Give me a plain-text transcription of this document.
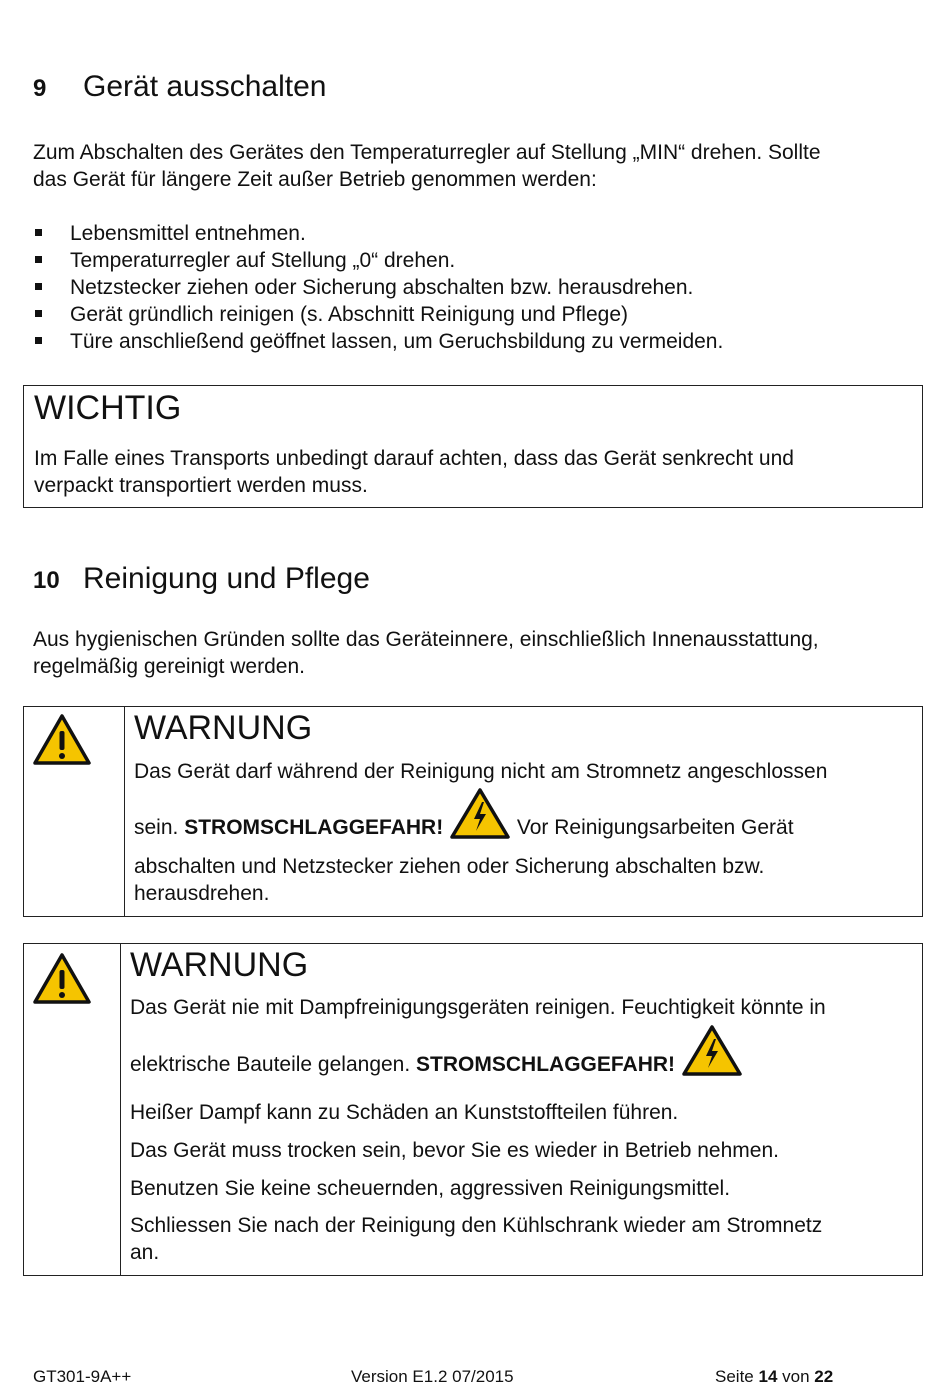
9 Gerät ausschalten
Zum Abschalten des Gerätes den Temperaturregler auf Stellung „MIN“ drehen. Sollte
das Gerät für längere Zeit außer Betrieb genommen werden:
Lebensmittel entnehmen.
Temperaturregler auf Stellung „0“ drehen.
Netzstecker ziehen oder Sicherung abschalten bzw. herausdrehen.
Gerät gründlich reinigen (s. Abschnitt Reinigung und Pflege)
Türe anschließend geöffnet lassen, um Geruchsbildung zu vermeiden.
WICHTIG
Im Falle eines Transports unbedingt darauf achten, dass das Gerät senkrecht und
verpackt transportiert werden muss.
10 Reinigung und Pflege
Aus hygienischen Gründen sollte das Geräteinnere, einschließlich Innenausstattung,
regelmäßig gereinigt werden.
WARNUNG
Das Gerät darf während der Reinigung nicht am Stromnetz angeschlossen
sein. STROMSCHLAGGEFAHR!	Vor Reinigungsarbeiten Gerät
abschalten und Netzstecker ziehen oder Sicherung abschalten bzw.
herausdrehen.
WARNUNG
Das Gerät nie mit Dampfreinigungsgeräten reinigen. Feuchtigkeit könnte in
elektrische Bauteile gelangen. STROMSCHLAGGEFAHR!
Heißer Dampf kann zu Schäden an Kunststoffteilen führen.
Das Gerät muss trocken sein, bevor Sie es wieder in Betrieb nehmen.
Benutzen Sie keine scheuernden, aggressiven Reinigungsmittel.
Schliessen Sie nach der Reinigung den Kühlschrank wieder am Stromnetz
an.
GT301-9A++	Version E1.2 07/2015	Seite 14 von 22
